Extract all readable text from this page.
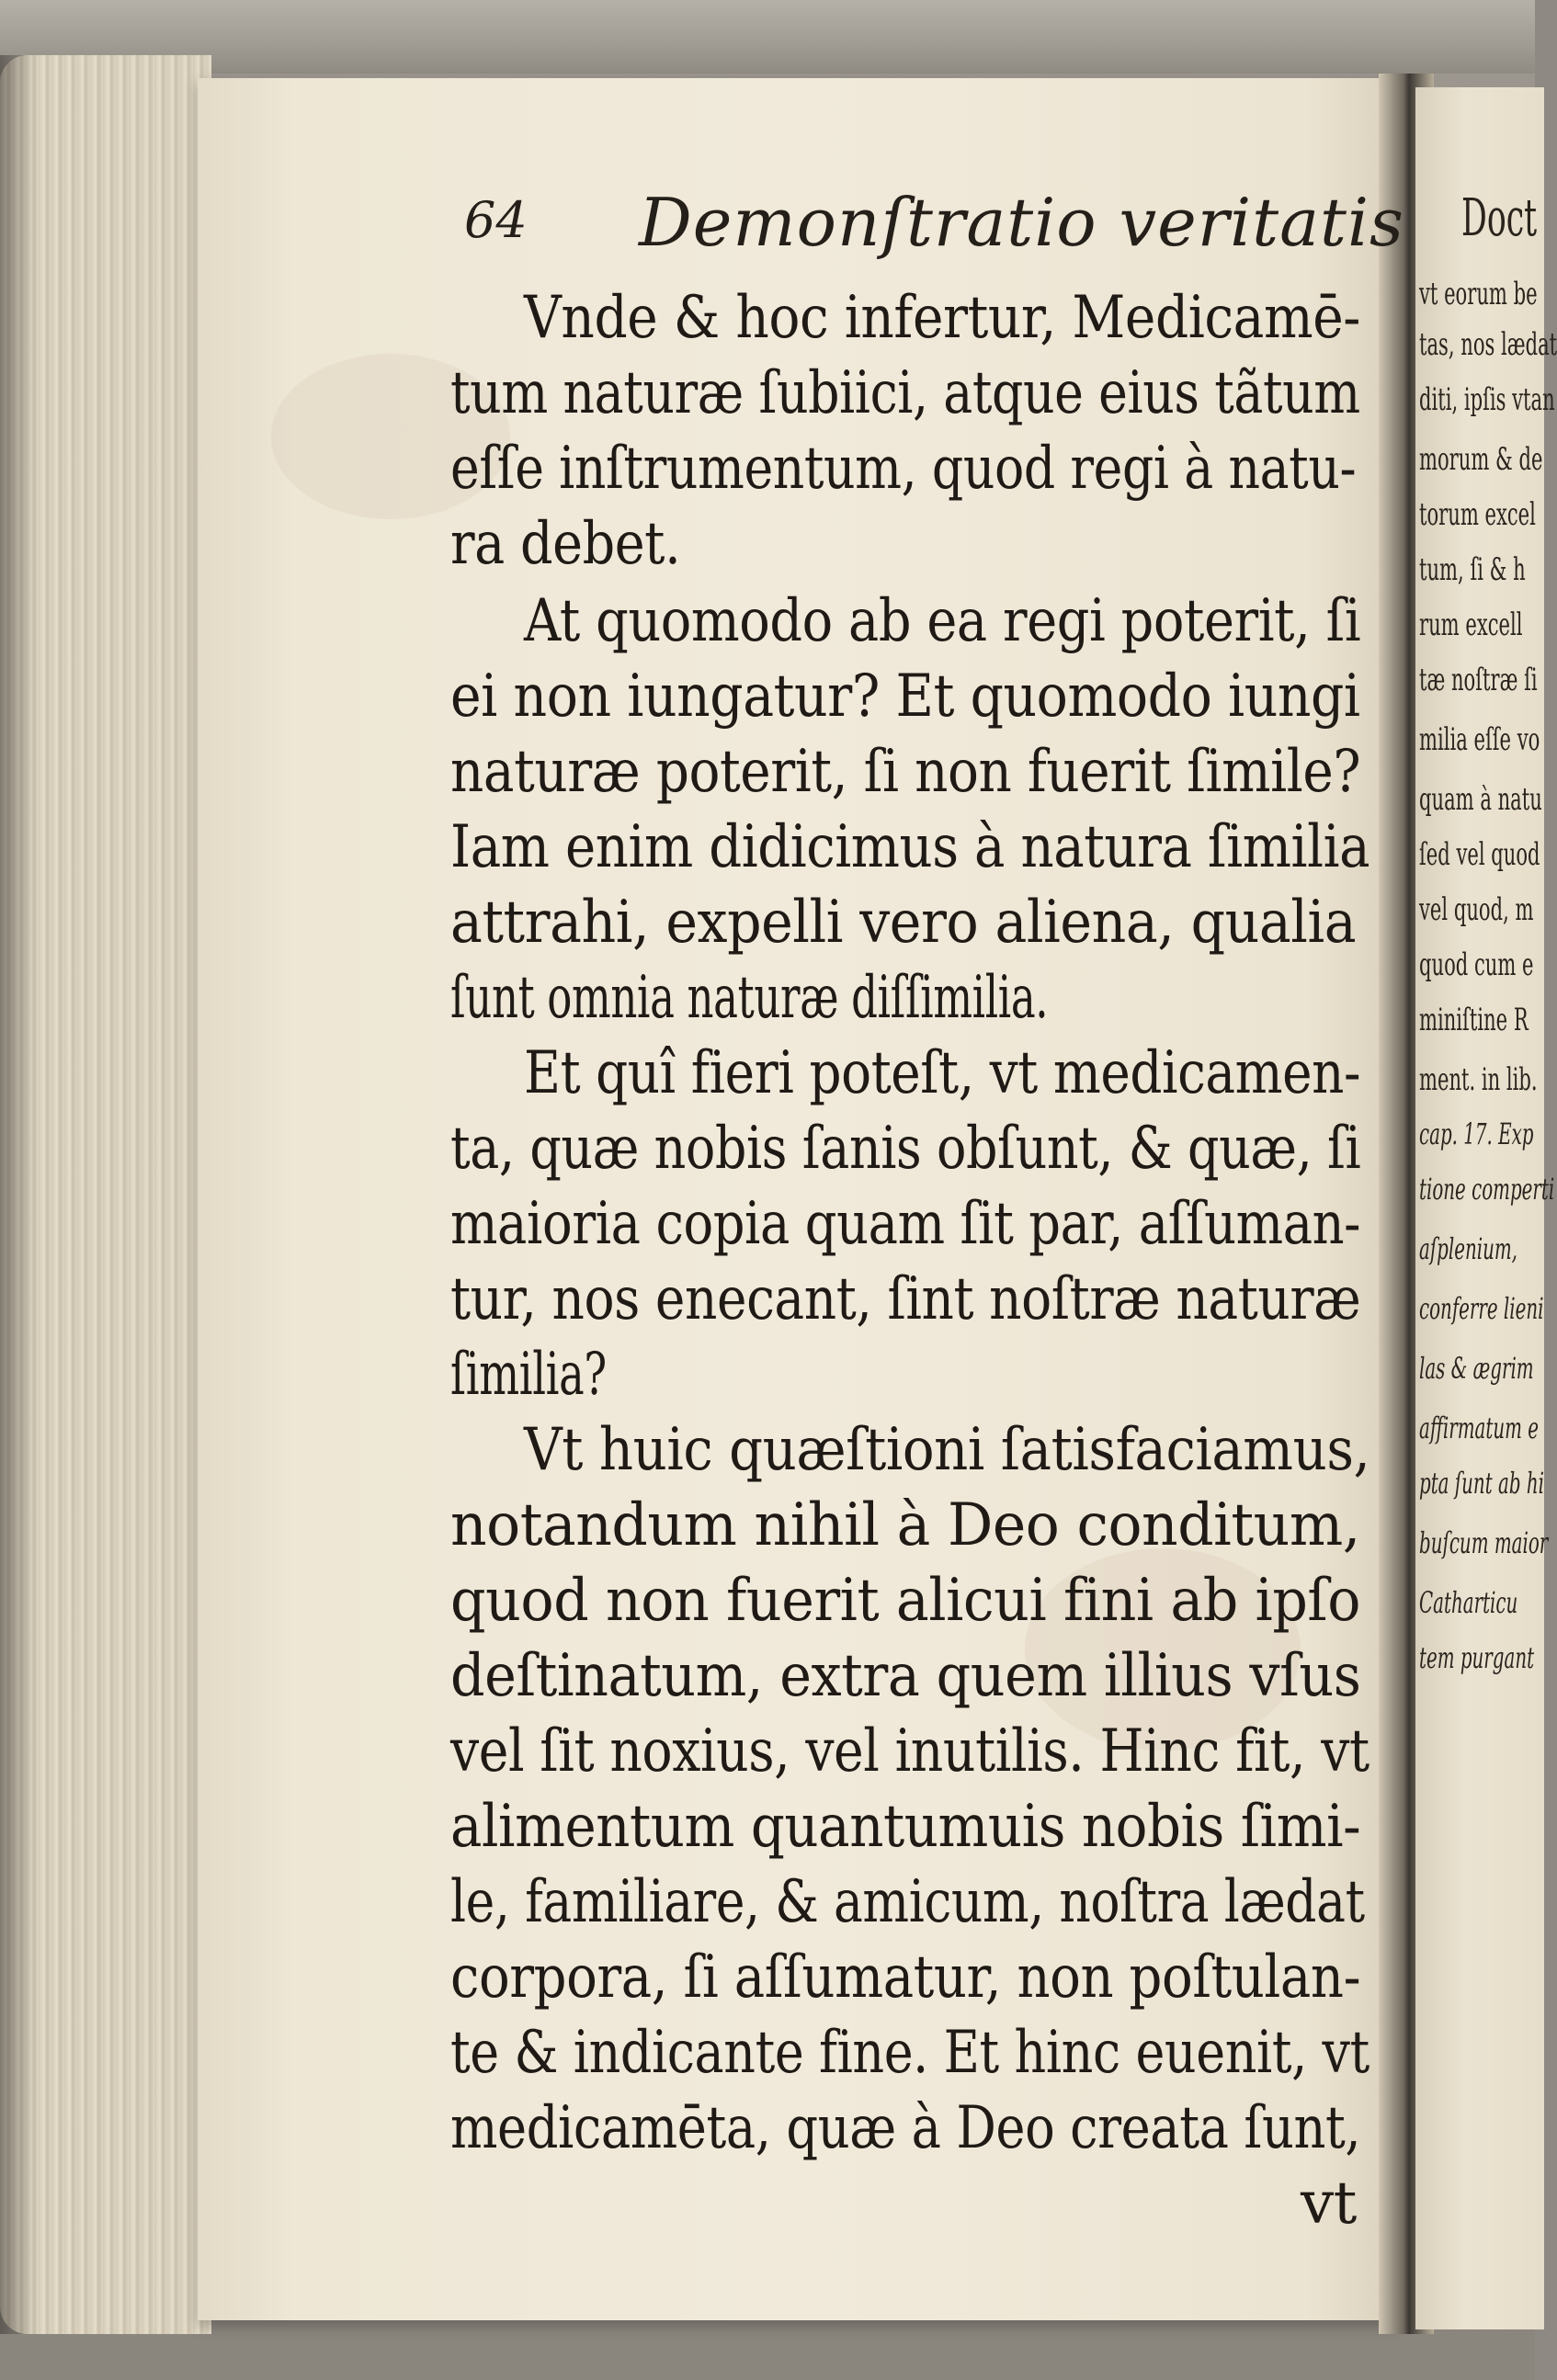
Doct
vt eorum be
tas, nos lædat
diti, ipſis vtan
morum & de
torum excel
tum, ſi & h
rum excell
tæ noſtræ ſi
milia eſſe vo
quam à natu
ſed vel quod
vel quod, m
quod cum e
miniſtine R
ment. in lib.
cap. 17. Exp
tione comperti
aſplenium,
conferre lieni
las & ægrim
affirmatum e
pta ſunt ab hi
buſcum maior
Catharticu
tem purgant
64 Demonſtratio veritatis
Vnde & hoc infertur, Medicamē-
tum naturæ ſubiici, atque eius tãtum
eſſe inſtrumentum, quod regi à natu-
ra debet.
At quomodo ab ea regi poterit, ſi
ei non iungatur? Et quomodo iungi
naturæ poterit, ſi non fuerit ſimile?
Iam enim didicimus à natura ſimilia
attrahi, expelli vero aliena, qualia
ſunt omnia naturæ diſſimilia.
Et quî fieri poteſt, vt medicamen-
ta, quæ nobis ſanis obſunt, & quæ, ſi
maioria copia quam ſit par, aſſuman-
tur, nos enecant, ſint noſtræ naturæ
ſimilia?
Vt huic quæſtioni ſatisfaciamus,
notandum nihil à Deo conditum,
quod non fuerit alicui fini ab ipſo
deſtinatum, extra quem illius vſus
vel ſit noxius, vel inutilis. Hinc fit, vt
alimentum quantumuis nobis ſimi-
le, familiare, & amicum, noſtra lædat
corpora, ſi aſſumatur, non poſtulan-
te & indicante fine. Et hinc euenit, vt
medicamēta, quæ à Deo creata ſunt,
vt
